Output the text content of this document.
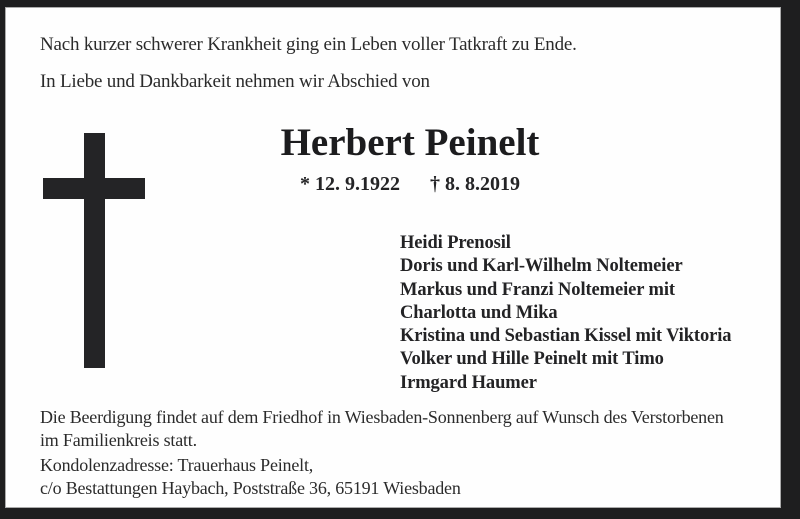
Nach kurzer schwerer Krankheit ging ein Leben voller Tatkraft zu Ende.
In Liebe und Dankbarkeit nehmen wir Abschied von
Herbert Peinelt
* 12. 9.1922 † 8. 8.2019
Heidi Prenosil
Doris und Karl-Wilhelm Noltemeier
Markus und Franzi Noltemeier mit
Charlotta und Mika
Kristina und Sebastian Kissel mit Viktoria
Volker und Hille Peinelt mit Timo
Irmgard Haumer
Die Beerdigung findet auf dem Friedhof in Wiesbaden-Sonnenberg auf Wunsch des Verstorbenen
im Familienkreis statt.
Kondolenzadresse: Trauerhaus Peinelt,
c/o Bestattungen Haybach, Poststraße 36, 65191 Wiesbaden
